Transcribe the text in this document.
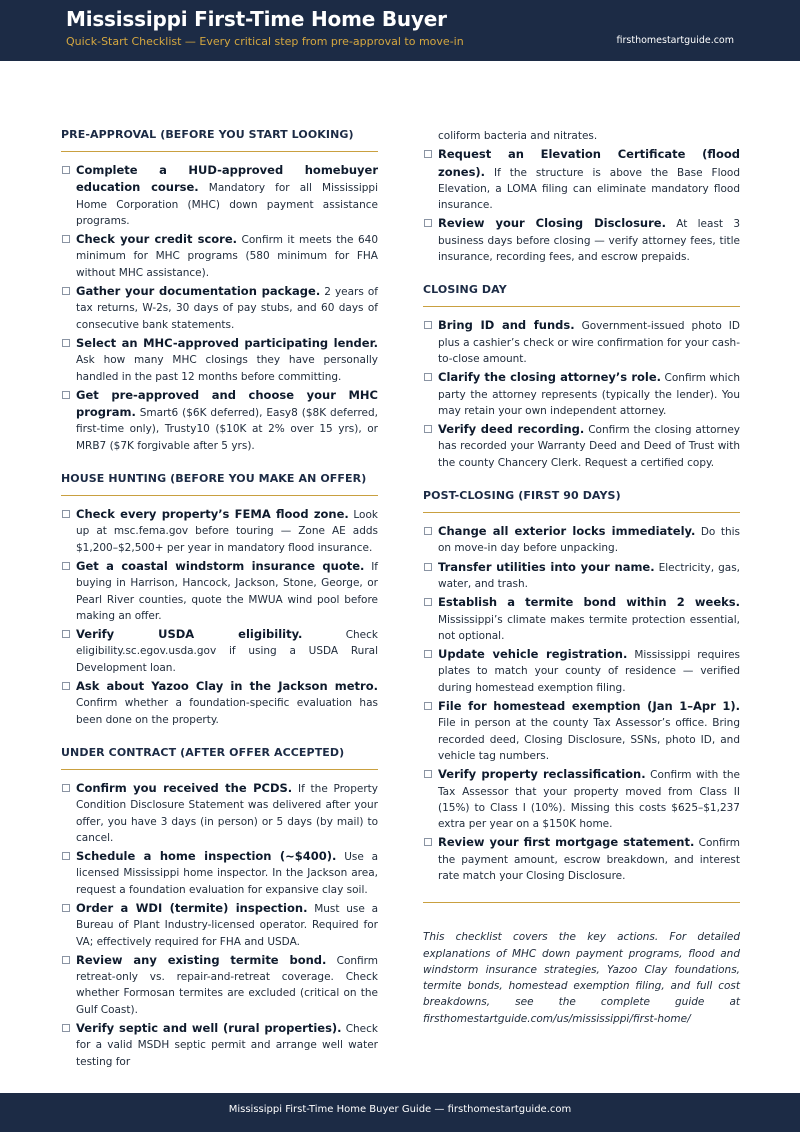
Mississippi First-Time Home Buyer
Quick-Start Checklist — Every critical step from pre-approval to move-in	firsthomestartguide.com
PRE-APPROVAL (BEFORE YOU START LOOKING)
Complete a HUD-approved homebuyer education course. Mandatory for all Mississippi Home Corporation (MHC) down payment assistance programs.
Check your credit score. Confirm it meets the 640 minimum for MHC programs (580 minimum for FHA without MHC assistance).
Gather your documentation package. 2 years of tax returns, W-2s, 30 days of pay stubs, and 60 days of consecutive bank statements.
Select an MHC-approved participating lender. Ask how many MHC closings they have personally handled in the past 12 months before committing.
Get pre-approved and choose your MHC program. Smart6 ($6K deferred), Easy8 ($8K deferred, first-time only), Trusty10 ($10K at 2% over 15 yrs), or MRB7 ($7K forgivable after 5 yrs).
HOUSE HUNTING (BEFORE YOU MAKE AN OFFER)
Check every property’s FEMA flood zone. Look up at msc.fema.gov before touring — Zone AE adds $1,200–$2,500+ per year in mandatory flood insurance.
Get a coastal windstorm insurance quote. If buying in Harrison, Hancock, Jackson, Stone, George, or Pearl River counties, quote the MWUA wind pool before making an offer.
Verify USDA eligibility.	Check eligibility.sc.egov.usda.gov if using a USDA Rural Development loan.
Ask about Yazoo Clay in the Jackson metro. Confirm whether a foundation-specific evaluation has been done on the property.
UNDER CONTRACT (AFTER OFFER ACCEPTED)
Confirm you received the PCDS. If the Property Condition Disclosure Statement was delivered after your offer, you have 3 days (in person) or 5 days (by mail) to cancel.
Schedule a home inspection (~$400). Use a licensed Mississippi home inspector. In the Jackson area, request a foundation evaluation for expansive clay soil.
Order a WDI (termite) inspection. Must use a Bureau of Plant Industry-licensed operator. Required for VA; effectively required for FHA and USDA.
Review any existing termite bond. Confirm retreat-only vs. repair-and-retreat coverage. Check whether Formosan termites are excluded (critical on the Gulf Coast).
Verify septic and well (rural properties). Check for a valid MSDH septic permit and arrange well water testing for
coliform bacteria and nitrates.
Request an Elevation Certificate (flood zones). If the structure is above the Base Flood Elevation, a LOMA filing can eliminate mandatory flood insurance.
Review your Closing Disclosure. At least 3 business days before closing — verify attorney fees, title insurance, recording fees, and escrow prepaids.
CLOSING DAY
Bring ID and funds. Government-issued photo ID plus a cashier’s check or wire confirmation for your cash-to-close amount.
Clarify the closing attorney’s role. Confirm which party the attorney represents (typically the lender). You may retain your own independent attorney.
Verify deed recording. Confirm the closing attorney has recorded your Warranty Deed and Deed of Trust with the county Chancery Clerk. Request a certified copy.
POST-CLOSING (FIRST 90 DAYS)
Change all exterior locks immediately. Do this on move-in day before unpacking.
Transfer utilities into your name. Electricity, gas, water, and trash.
Establish a termite bond within 2 weeks. Mississippi’s climate makes termite protection essential, not optional.
Update vehicle registration. Mississippi requires plates to match your county of residence — verified during homestead exemption filing.
File for homestead exemption (Jan 1–Apr 1). File in person at the county Tax Assessor’s office. Bring recorded deed, Closing Disclosure, SSNs, photo ID, and vehicle tag numbers.
Verify property reclassification. Confirm with the Tax Assessor that your property moved from Class II (15%) to Class I (10%). Missing this costs $625–$1,237 extra per year on a $150K home.
Review your first mortgage statement. Confirm the payment amount, escrow breakdown, and interest rate match your Closing Disclosure.
This checklist covers the key actions. For detailed explanations of MHC down payment programs, flood and windstorm insurance strategies, Yazoo Clay foundations, termite bonds, homestead exemption filing, and full cost breakdowns, see the complete guide at firsthomestartguide.com/us/mississippi/first-home/
Mississippi First-Time Home Buyer Guide — firsthomestartguide.com
